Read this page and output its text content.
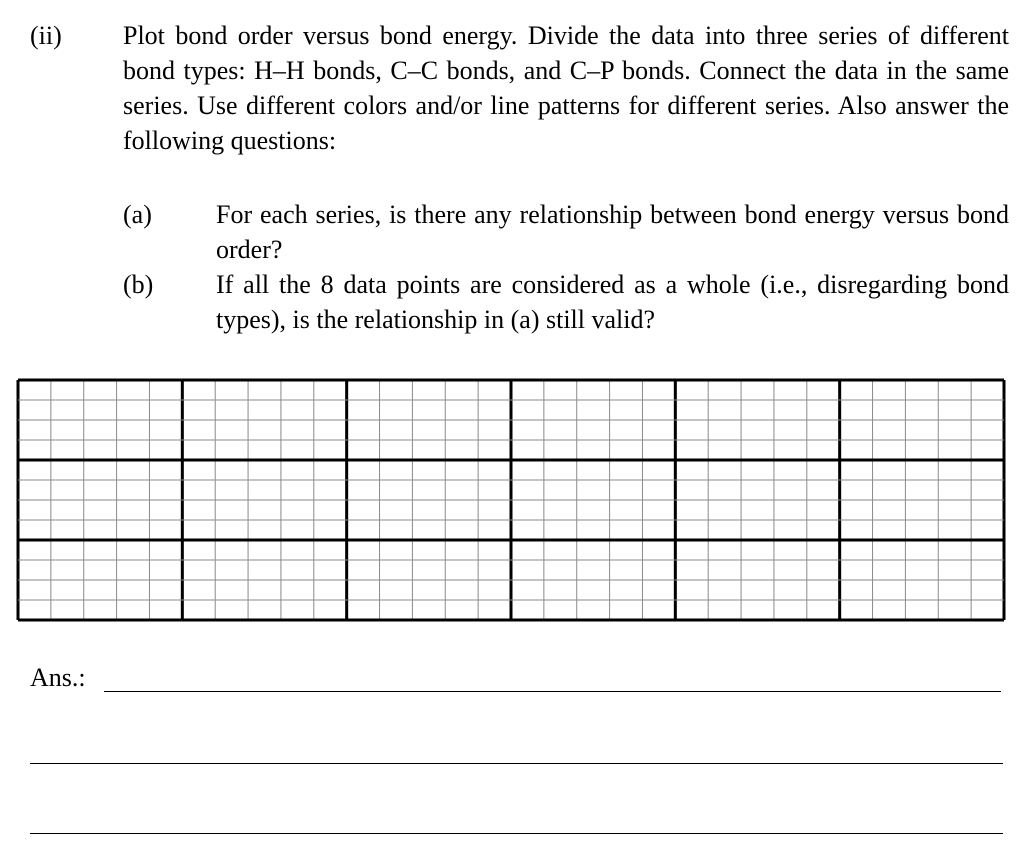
(ii) Plot bond order versus bond energy. Divide the data into three series of different bond types: H–H bonds, C–C bonds, and C–P bonds. Connect the data in the same series. Use different colors and/or line patterns for different series. Also answer the following questions:
(a) For each series, is there any relationship between bond energy versus bond order?
(b) If all the 8 data points are considered as a whole (i.e., disregarding bond types), is the relationship in (a) still valid?
Ans.:
